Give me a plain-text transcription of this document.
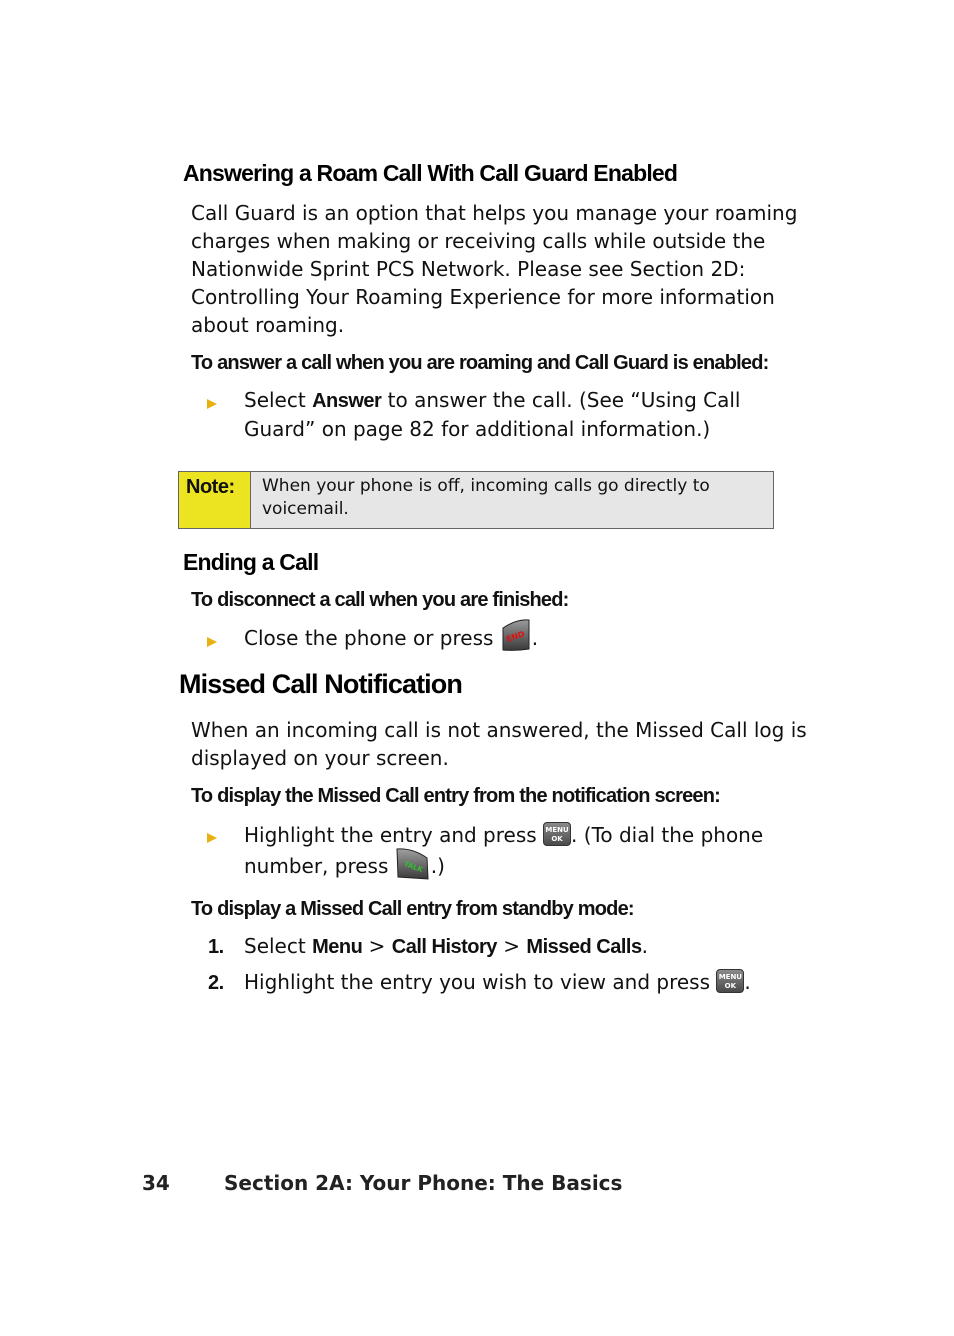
Answering a Roam Call With Call Guard Enabled
Call Guard is an option that helps you manage your roaming
charges when making or receiving calls while outside the
Nationwide Sprint PCS Network. Please see Section 2D:
Controlling Your Roaming Experience for more information
about roaming.
To answer a call when you are roaming and Call Guard is enabled:
Select Answer to answer the call. (See “Using Call
Guard” on page 82 for additional information.)
Note: When your phone is off, incoming calls go directly to
voicemail.
Ending a Call
To disconnect a call when you are finished:
Close the phone or press END .
Missed Call Notification
When an incoming call is not answered, the Missed Call log is
displayed on your screen.
To display the Missed Call entry from the notification screen:
Highlight the entry and press MENU
OK . (To dial the phone
number, press TALK .)
To display a Missed Call entry from standby mode:
1. Select Menu > Call History > Missed Calls.
2. Highlight the entry you wish to view and press MENU
OK .
34	Section 2A: Your Phone: The Basics
